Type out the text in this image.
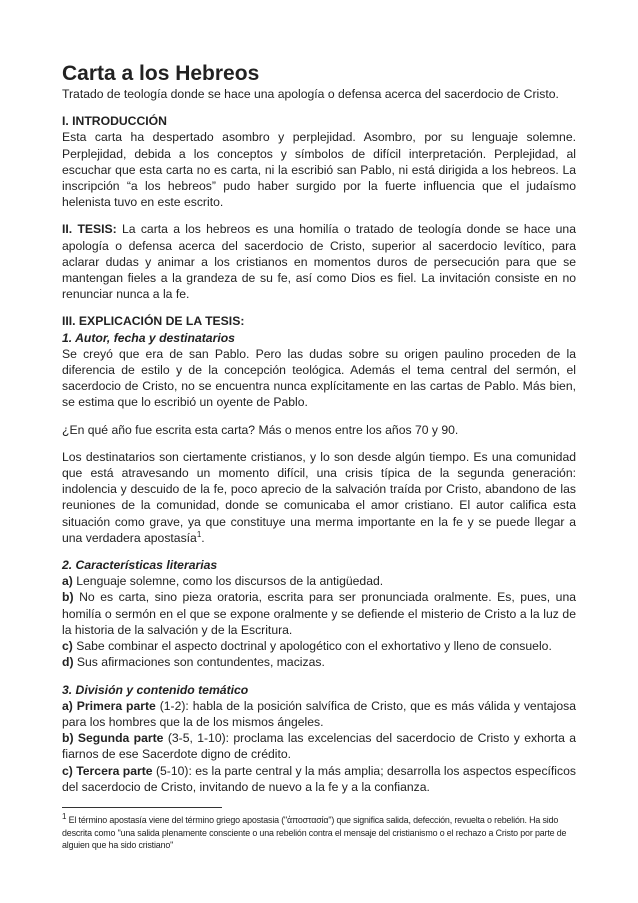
Carta a los Hebreos

Tratado de teología donde se hace una apología o defensa acerca del sacerdocio de Cristo.

I. INTRODUCCIÓN

Esta carta ha despertado asombro y perplejidad. Asombro, por su lenguaje solemne. Perplejidad, debida a los conceptos y símbolos de difícil interpretación. Perplejidad, al escuchar que esta carta no es carta, ni la escribió san Pablo, ni está dirigida a los hebreos. La inscripción “a los hebreos” pudo haber surgido por la fuerte influencia que el judaísmo helenista tuvo en este escrito.

II. TESIS: La carta a los hebreos es una homilía o tratado de teología donde se hace una apología o defensa acerca del sacerdocio de Cristo, superior al sacerdocio levítico, para aclarar dudas y animar a los cristianos en momentos duros de persecución para que se mantengan fieles a la grandeza de su fe, así como Dios es fiel. La invitación consiste en no renunciar nunca a la fe.

III. EXPLICACIÓN DE LA TESIS:

1. Autor, fecha y destinatarios

Se creyó que era de san Pablo. Pero las dudas sobre su origen paulino proceden de la diferencia de estilo y de la concepción teológica. Además el tema central del sermón, el sacerdocio de Cristo, no se encuentra nunca explícitamente en las cartas de Pablo. Más bien, se estima que lo escribió un oyente de Pablo.

¿En qué año fue escrita esta carta? Más o menos entre los años 70 y 90.

Los destinatarios son ciertamente cristianos, y lo son desde algún tiempo. Es una comunidad que está atravesando un momento difícil, una crisis típica de la segunda generación: indolencia y descuido de la fe, poco aprecio de la salvación traída por Cristo, abandono de las reuniones de la comunidad, donde se comunicaba el amor cristiano. El autor califica esta situación como grave, ya que constituye una merma importante en la fe y se puede llegar a una verdadera apostasía$^1$.

2. Características literarias

a) Lenguaje solemne, como los discursos de la antigüedad.

b) No es carta, sino pieza oratoria, escrita para ser pronunciada oralmente. Es, pues, una homilía o sermón en el que se expone oralmente y se defiende el misterio de Cristo a la luz de la historia de la salvación y de la Escritura.

c) Sabe combinar el aspecto doctrinal y apologético con el exhortativo y lleno de consuelo.

d) Sus afirmaciones son contundentes, macizas.

3. División y contenido temático

a) Primera parte (1-2): habla de la posición salvífica de Cristo, que es más válida y ventajosa para los hombres que la de los mismos ángeles.

b) Segunda parte (3-5, 1-10): proclama las excelencias del sacerdocio de Cristo y exhorta a fiarnos de ese Sacerdote digno de crédito.

c) Tercera parte (5-10): es la parte central y la más amplia; desarrolla los aspectos específicos del sacerdocio de Cristo, invitando de nuevo a la fe y a la confianza.

$^1$ El término apostasía viene del término griego apostasia ("ἀποστασία") que significa salida, defección, revuelta o rebelión. Ha sido descrita como "una salida plenamente consciente o una rebelión contra el mensaje del cristianismo o el rechazo a Cristo por parte de alguien que ha sido cristiano"
